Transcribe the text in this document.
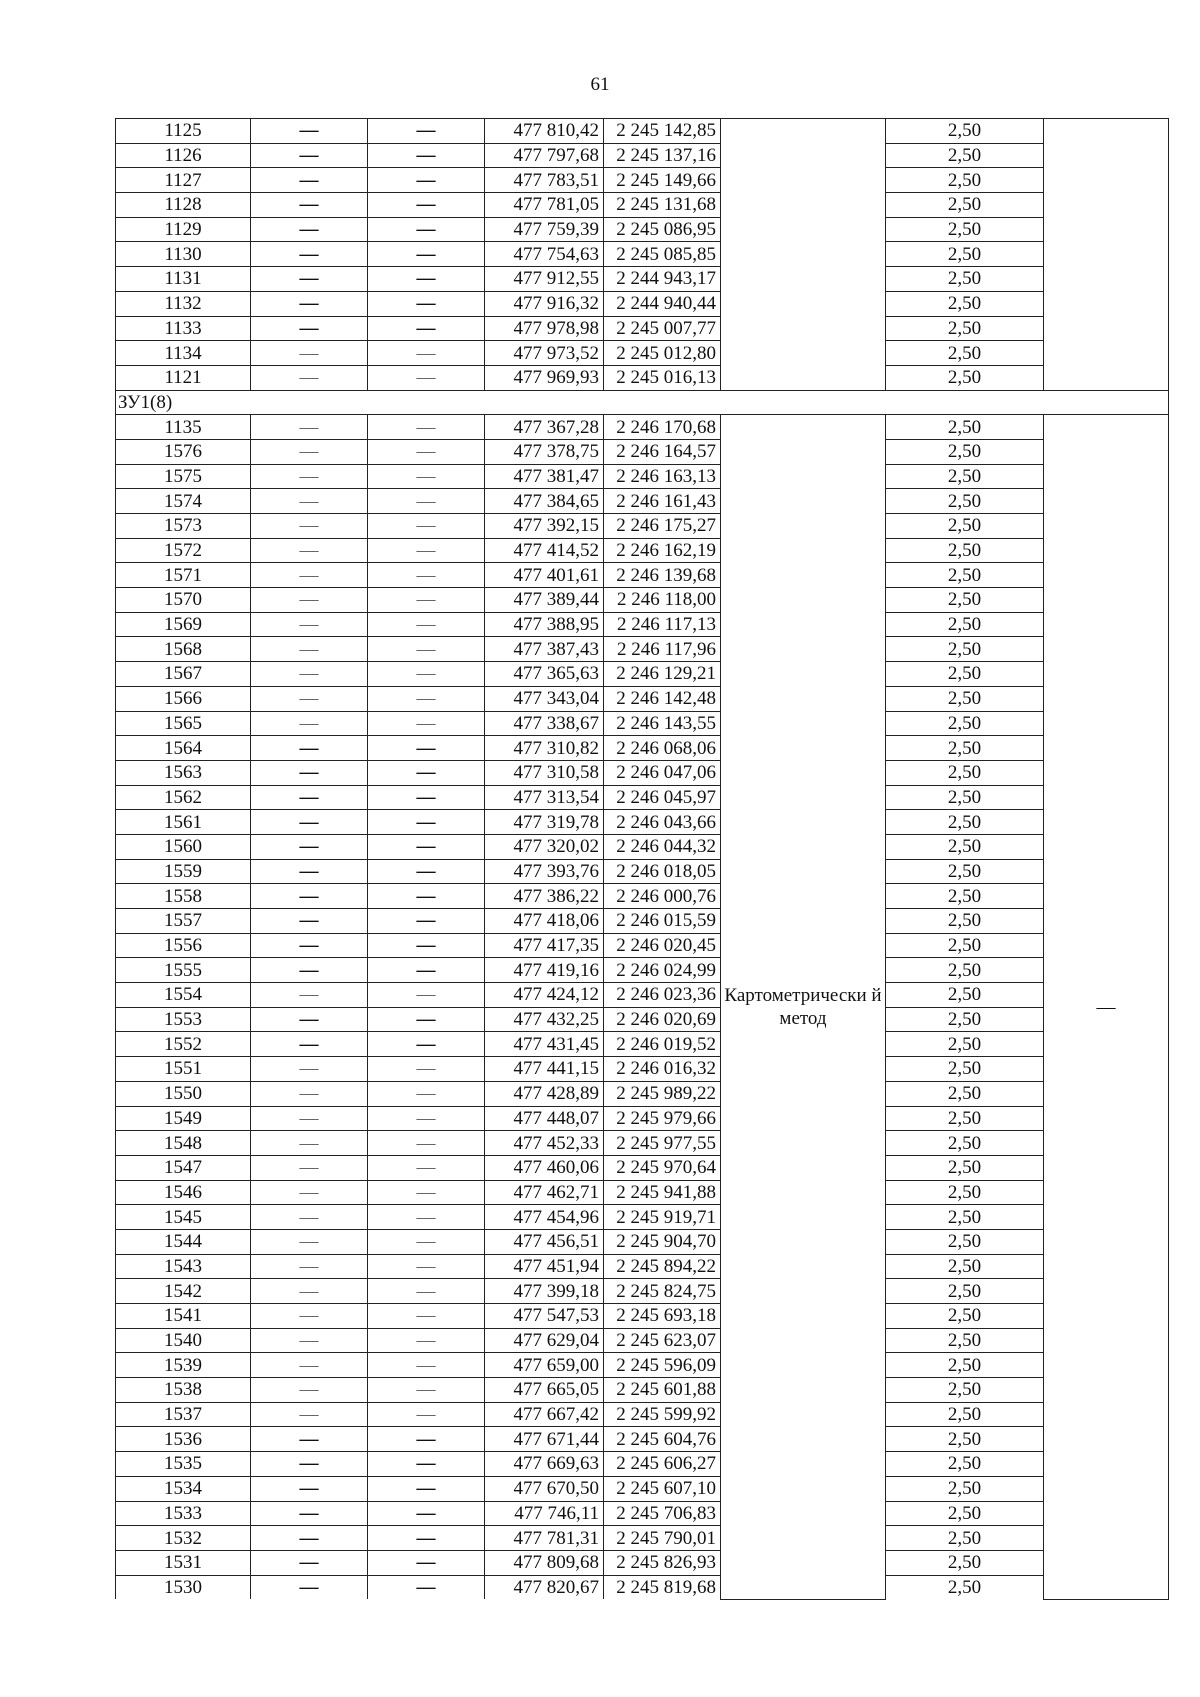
61
1125	—	—	477 810,42	2 245 142,85		2,50	
1126	—	—	477 797,68	2 245 137,16		2,50	
1127	—	—	477 783,51	2 245 149,66		2,50	
1128	—	—	477 781,05	2 245 131,68		2,50	
1129	—	—	477 759,39	2 245 086,95		2,50	
1130	—	—	477 754,63	2 245 085,85		2,50	
1131	—	—	477 912,55	2 244 943,17		2,50	
1132	—	—	477 916,32	2 244 940,44		2,50	
1133	—	—	477 978,98	2 245 007,77		2,50	
1134	—	—	477 973,52	2 245 012,80		2,50	
1121	—	—	477 969,93	2 245 016,13		2,50	
ЗУ1(8)							
1135	—	—	477 367,28	2 246 170,68	Картометрически й метод	2,50	—
1576	—	—	477 378,75	2 246 164,57		2,50	
1575	—	—	477 381,47	2 246 163,13		2,50	
1574	—	—	477 384,65	2 246 161,43		2,50	
1573	—	—	477 392,15	2 246 175,27		2,50	
1572	—	—	477 414,52	2 246 162,19		2,50	
1571	—	—	477 401,61	2 246 139,68		2,50	
1570	—	—	477 389,44	2 246 118,00		2,50	
1569	—	—	477 388,95	2 246 117,13		2,50	
1568	—	—	477 387,43	2 246 117,96		2,50	
1567	—	—	477 365,63	2 246 129,21		2,50	
1566	—	—	477 343,04	2 246 142,48		2,50	
1565	—	—	477 338,67	2 246 143,55		2,50	
1564	—	—	477 310,82	2 246 068,06		2,50	
1563	—	—	477 310,58	2 246 047,06		2,50	
1562	—	—	477 313,54	2 246 045,97		2,50	
1561	—	—	477 319,78	2 246 043,66		2,50	
1560	—	—	477 320,02	2 246 044,32		2,50	
1559	—	—	477 393,76	2 246 018,05		2,50	
1558	—	—	477 386,22	2 246 000,76		2,50	
1557	—	—	477 418,06	2 246 015,59		2,50	
1556	—	—	477 417,35	2 246 020,45		2,50	
1555	—	—	477 419,16	2 246 024,99		2,50	
1554	—	—	477 424,12	2 246 023,36		2,50	
1553	—	—	477 432,25	2 246 020,69		2,50	
1552	—	—	477 431,45	2 246 019,52		2,50	
1551	—	—	477 441,15	2 246 016,32		2,50	
1550	—	—	477 428,89	2 245 989,22		2,50	
1549	—	—	477 448,07	2 245 979,66		2,50	
1548	—	—	477 452,33	2 245 977,55		2,50	
1547	—	—	477 460,06	2 245 970,64		2,50	
1546	—	—	477 462,71	2 245 941,88		2,50	
1545	—	—	477 454,96	2 245 919,71		2,50	
1544	—	—	477 456,51	2 245 904,70		2,50	
1543	—	—	477 451,94	2 245 894,22		2,50	
1542	—	—	477 399,18	2 245 824,75		2,50	
1541	—	—	477 547,53	2 245 693,18		2,50	
1540	—	—	477 629,04	2 245 623,07		2,50	
1539	—	—	477 659,00	2 245 596,09		2,50	
1538	—	—	477 665,05	2 245 601,88		2,50	
1537	—	—	477 667,42	2 245 599,92		2,50	
1536	—	—	477 671,44	2 245 604,76		2,50	
1535	—	—	477 669,63	2 245 606,27		2,50	
1534	—	—	477 670,50	2 245 607,10		2,50	
1533	—	—	477 746,11	2 245 706,83		2,50	
1532	—	—	477 781,31	2 245 790,01		2,50	
1531	—	—	477 809,68	2 245 826,93		2,50	
1530	—	—	477 820,67	2 245 819,68		2,50	
